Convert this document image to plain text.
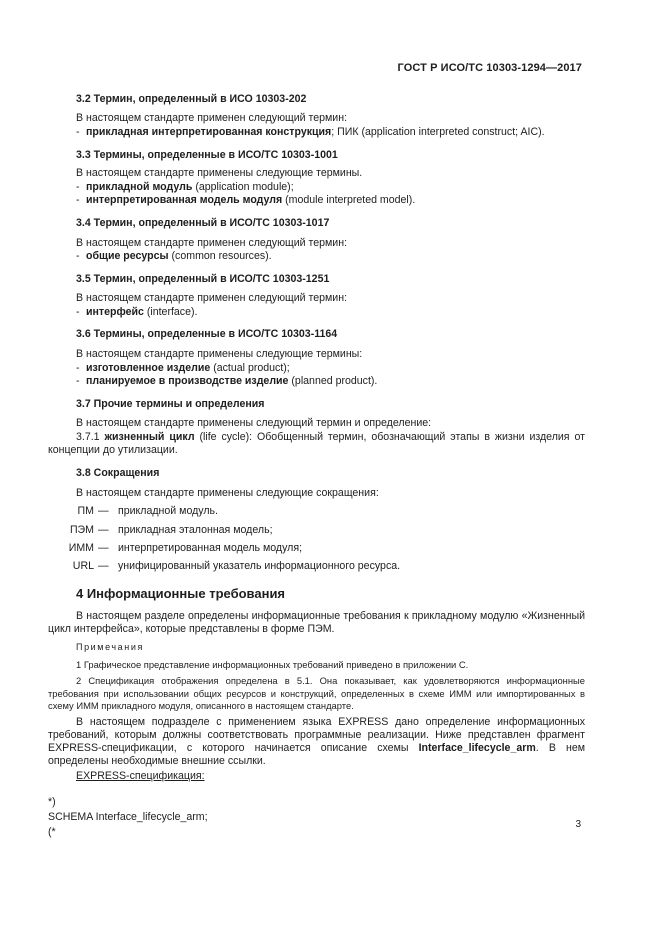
ГОСТ Р ИСО/ТС 10303-1294—2017
3.2 Термин, определенный в ИСО 10303-202
В настоящем стандарте применен следующий термин:
- прикладная интерпретированная конструкция; ПИК (application interpreted construct; AIC).
3.3 Термины, определенные в ИСО/ТС 10303-1001
В настоящем стандарте применены следующие термины.
- прикладной модуль (application module);
- интерпретированная модель модуля (module interpreted model).
3.4 Термин, определенный в ИСО/ТС 10303-1017
В настоящем стандарте применен следующий термин:
- общие ресурсы (common resources).
3.5 Термин, определенный в ИСО/ТС 10303-1251
В настоящем стандарте применен следующий термин:
- интерфейс (interface).
3.6 Термины, определенные в ИСО/ТС 10303-1164
В настоящем стандарте применены следующие термины:
- изготовленное изделие (actual product);
- планируемое в производстве изделие (planned product).
3.7 Прочие термины и определения
В настоящем стандарте применены следующий термин и определение:
3.7.1 жизненный цикл (life cycle): Обобщенный термин, обозначающий этапы в жизни изделия от концепции до утилизации.
3.8 Сокращения
В настоящем стандарте применены следующие сокращения:
ПМ — прикладной модуль.
ПЭМ — прикладная эталонная модель;
ИММ — интерпретированная модель модуля;
URL — унифицированный указатель информационного ресурса.
4 Информационные требования
В настоящем разделе определены информационные требования к прикладному модулю «Жизненный цикл интерфейса», которые представлены в форме ПЭМ.
Примечания
1 Графическое представление информационных требований приведено в приложении С.
2 Спецификация отображения определена в 5.1. Она показывает, как удовлетворяются информационные требования при использовании общих ресурсов и конструкций, определенных в схеме ИММ или импортированных в схему ИММ прикладного модуля, описанного в настоящем стандарте.
В настоящем подразделе с применением языка EXPRESS дано определение информационных требований, которым должны соответствовать программные реализации. Ниже представлен фрагмент EXPRESS-спецификации, с которого начинается описание схемы Interface_lifecycle_arm. В нем определены необходимые внешние ссылки.
EXPRESS-спецификация:
*)
SCHEMA Interface_lifecycle_arm;
(*
3
